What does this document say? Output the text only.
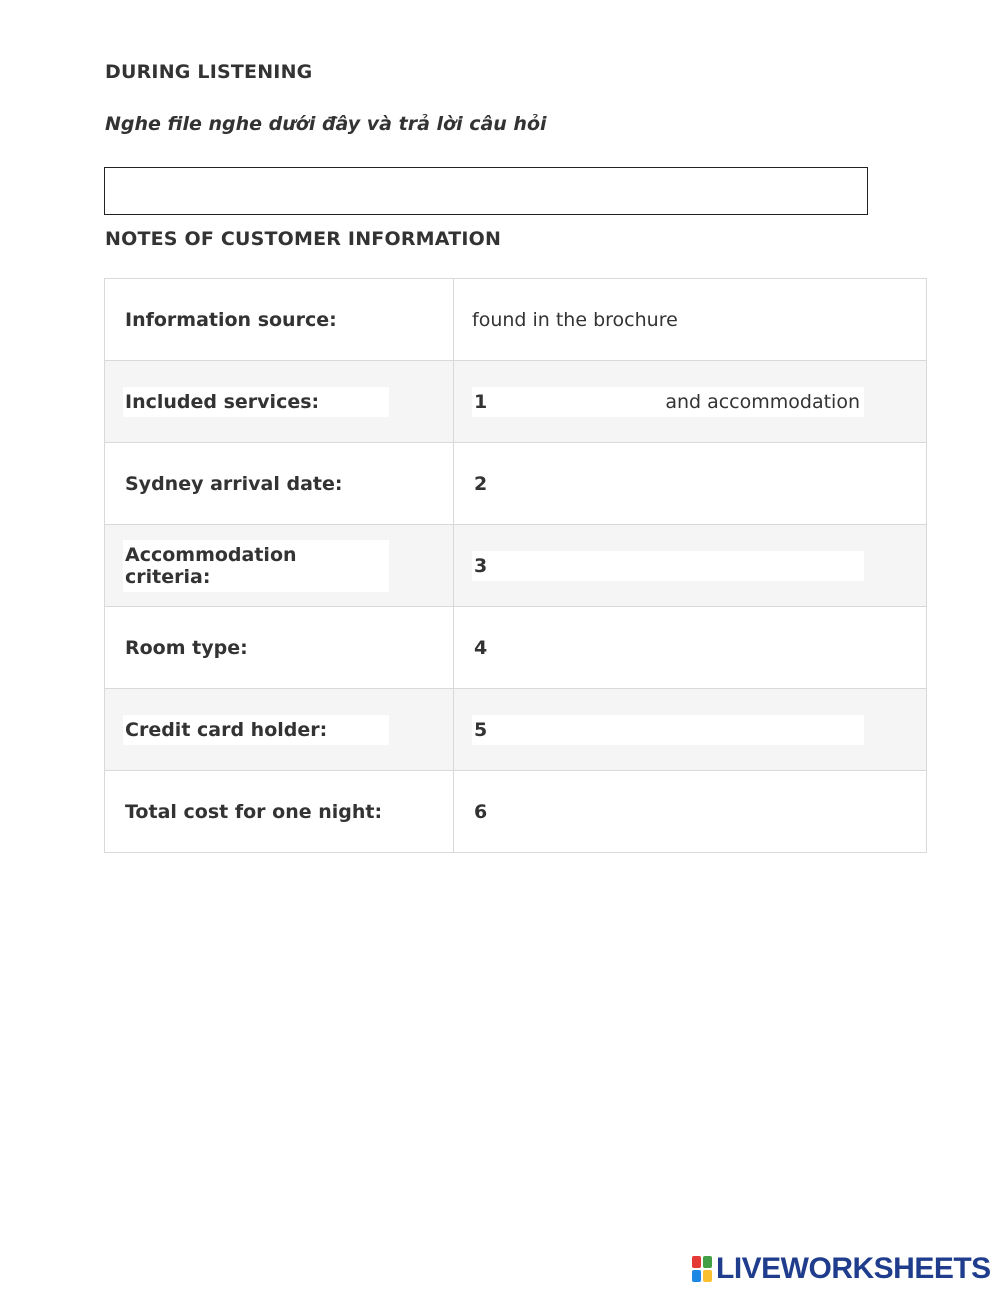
DURING LISTENING
Nghe file nghe dưới đây và trả lời câu hỏi
NOTES OF CUSTOMER INFORMATION
Information source:	found in the brochure
Included services:	1 and accommodation

Sydney arrival date:	2

Accommodation criteria:	3

Room type:	4

Credit card holder:	5

Total cost for one night:	6
LIVEWORKSHEETS
